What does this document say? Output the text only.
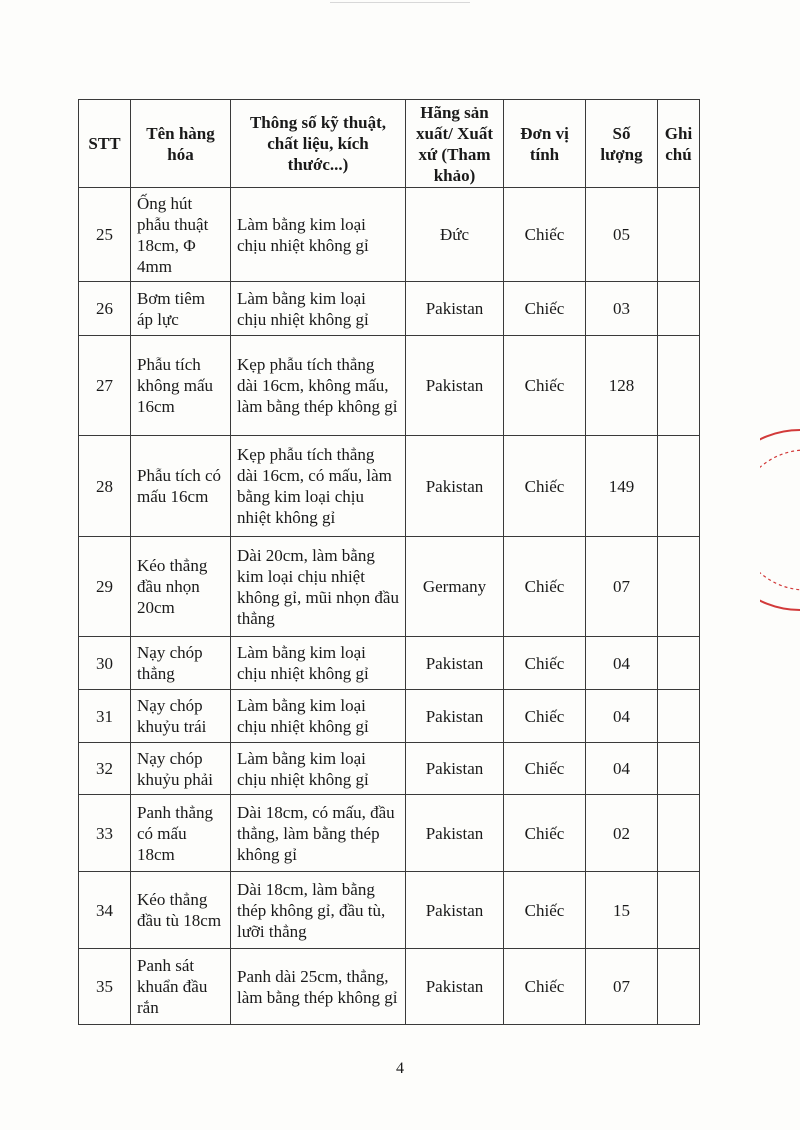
STT	Tên hàng hóa	Thông số kỹ thuật, chất liệu, kích thước...)	Hãng sản xuất/ Xuất xứ (Tham khảo)	Đơn vị tính	Số lượng	Ghi chú
25	Ống hút phẫu thuật 18cm, Φ 4mm	Làm bằng kim loại chịu nhiệt không gỉ	Đức	Chiếc	05	
26	Bơm tiêm áp lực	Làm bằng kim loại chịu nhiệt không gỉ	Pakistan	Chiếc	03	
27	Phẫu tích không mấu 16cm	Kẹp phẫu tích thẳng dài 16cm, không mấu, làm bằng thép không gỉ	Pakistan	Chiếc	128	
28	Phẫu tích có mấu 16cm	Kẹp phẫu tích thẳng dài 16cm, có mấu, làm bằng kim loại chịu nhiệt không gỉ	Pakistan	Chiếc	149	
29	Kéo thẳng đầu nhọn 20cm	Dài 20cm, làm bằng kim loại chịu nhiệt không gỉ, mũi nhọn đầu thẳng	Germany	Chiếc	07	
30	Nạy chóp thẳng	Làm bằng kim loại chịu nhiệt không gỉ	Pakistan	Chiếc	04	
31	Nạy chóp khuỷu trái	Làm bằng kim loại chịu nhiệt không gỉ	Pakistan	Chiếc	04	
32	Nạy chóp khuỷu phải	Làm bằng kim loại chịu nhiệt không gỉ	Pakistan	Chiếc	04	
33	Panh thẳng có mấu 18cm	Dài 18cm, có mấu, đầu thẳng, làm bằng thép không gỉ	Pakistan	Chiếc	02	
34	Kéo thẳng đầu tù 18cm	Dài 18cm, làm bằng thép không gỉ, đầu tù, lưỡi thẳng	Pakistan	Chiếc	15	
35	Panh sát khuẩn đầu rắn	Panh dài 25cm, thẳng, làm bằng thép không gỉ	Pakistan	Chiếc	07	
4
